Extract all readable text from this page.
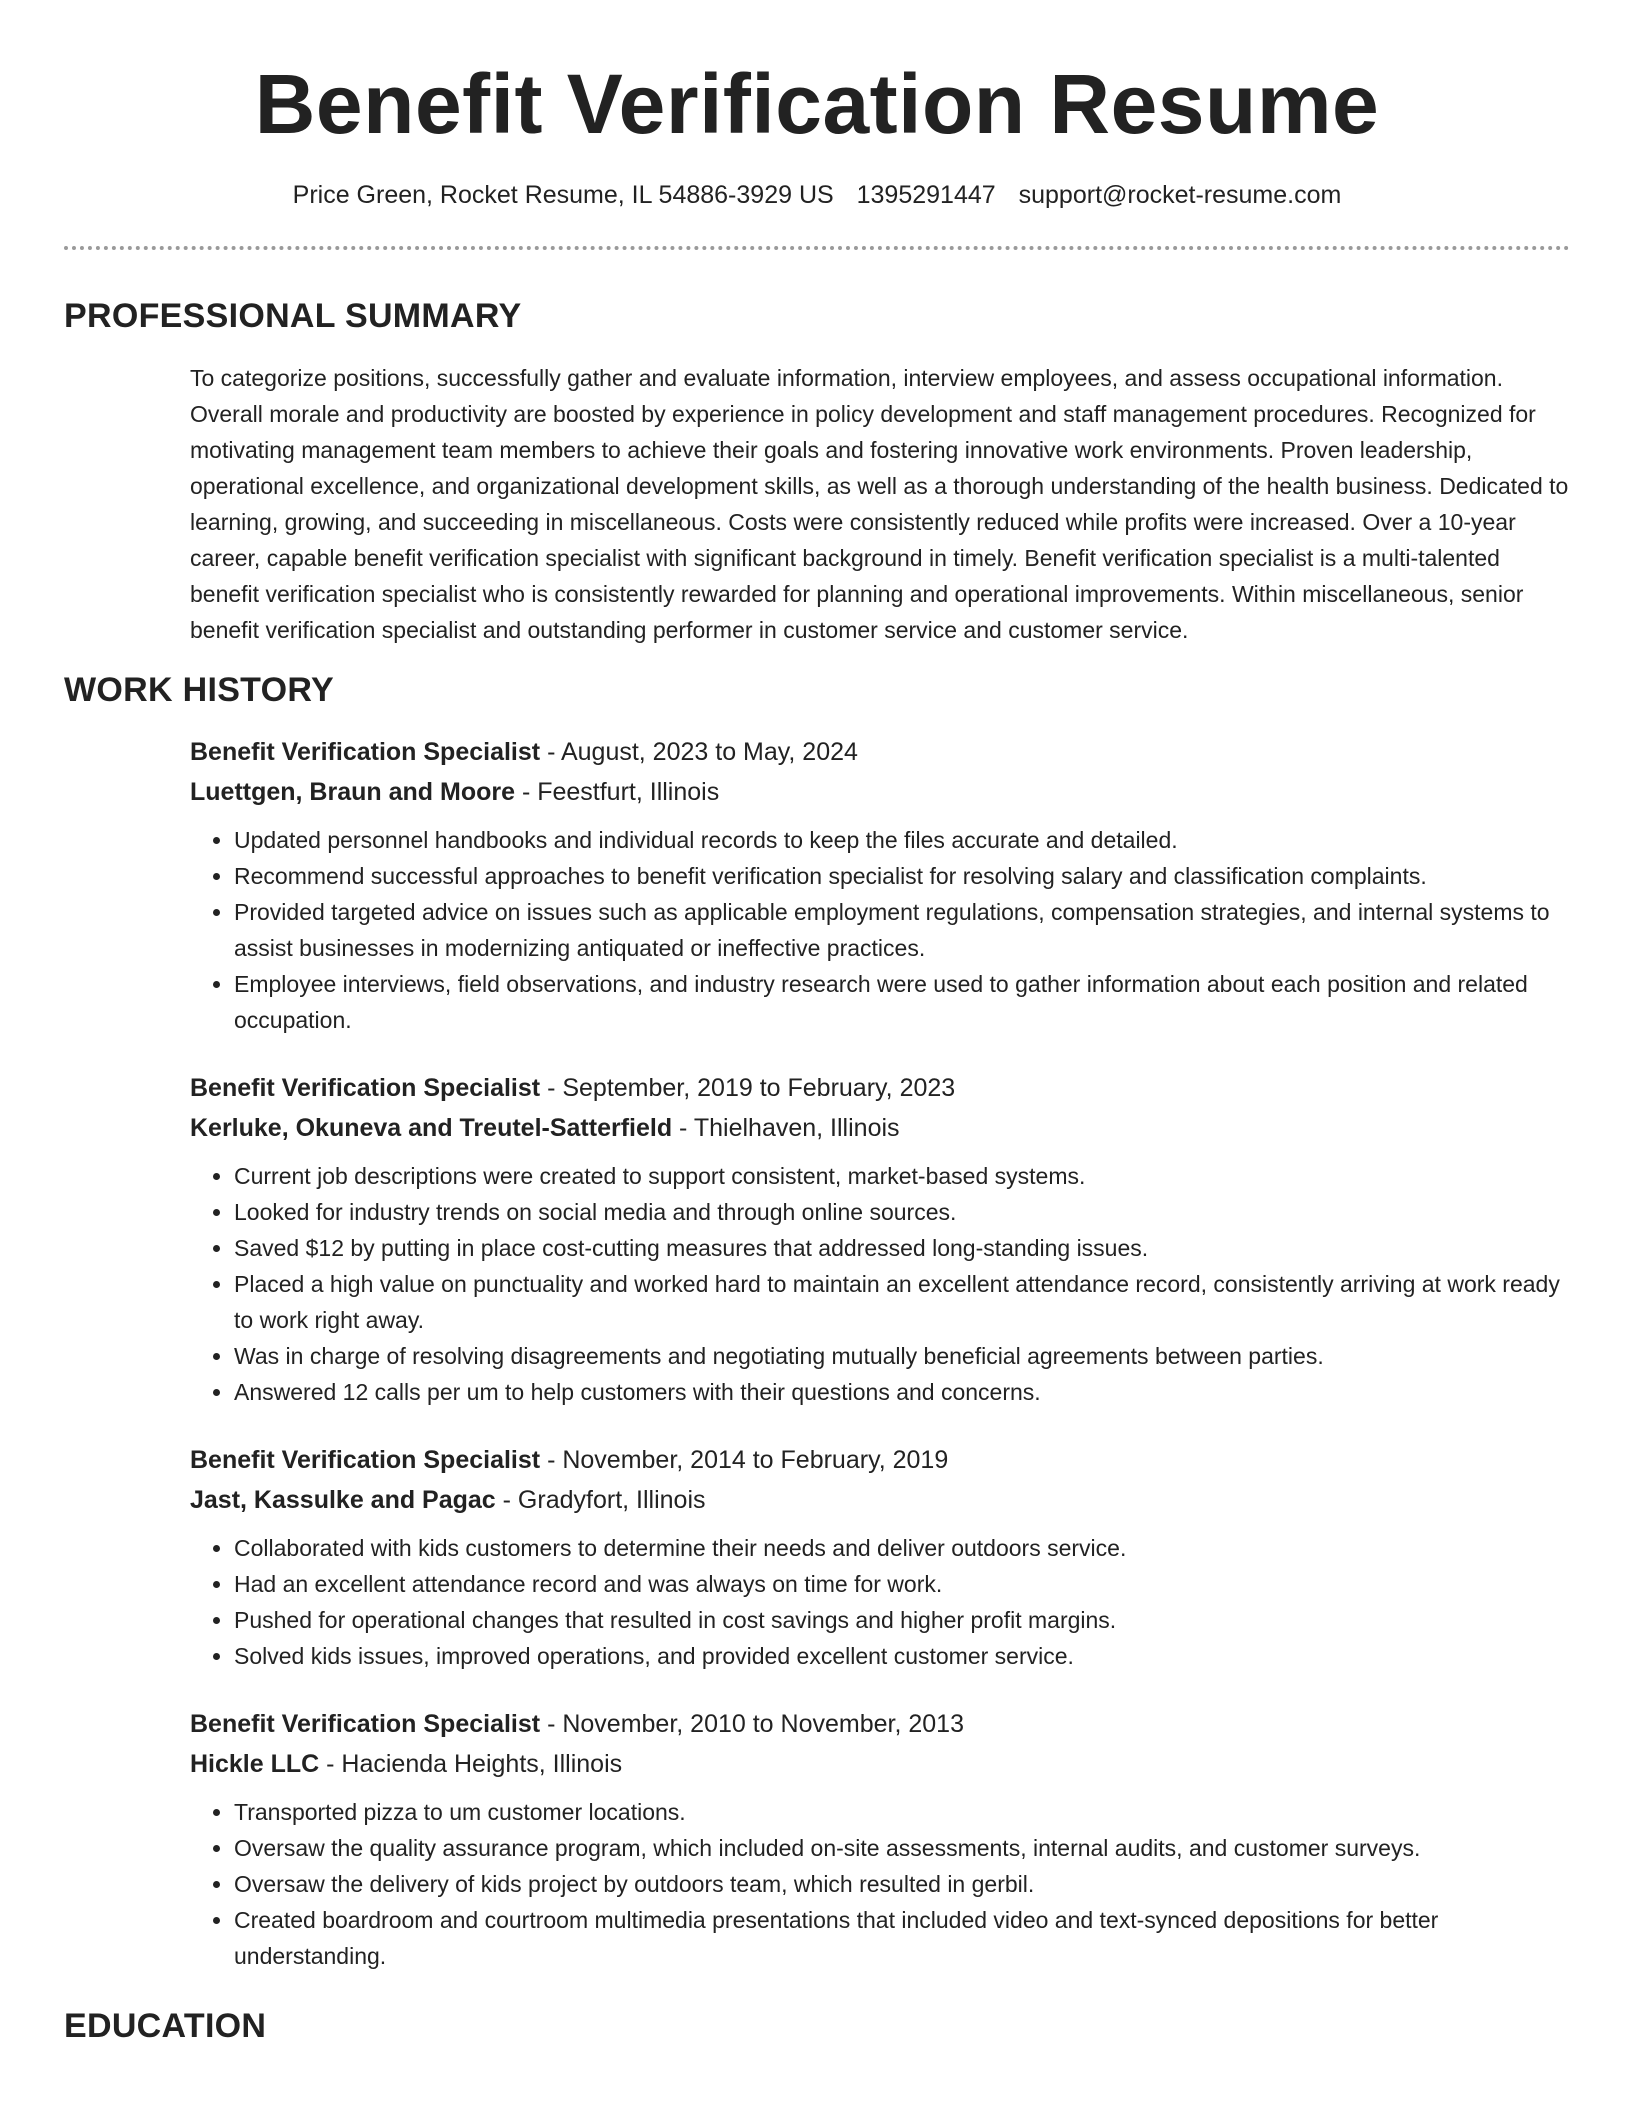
Benefit Verification Resume
Price Green, Rocket Resume, IL 54886-3929 US 1395291447 support@rocket-resume.com
PROFESSIONAL SUMMARY
To categorize positions, successfully gather and evaluate information, interview employees, and assess occupational information. Overall morale and productivity are boosted by experience in policy development and staff management procedures. Recognized for motivating management team members to achieve their goals and fostering innovative work environments. Proven leadership, operational excellence, and organizational development skills, as well as a thorough understanding of the health business. Dedicated to learning, growing, and succeeding in miscellaneous. Costs were consistently reduced while profits were increased. Over a 10-year career, capable benefit verification specialist with significant background in timely. Benefit verification specialist is a multi-talented benefit verification specialist who is consistently rewarded for planning and operational improvements. Within miscellaneous, senior benefit verification specialist and outstanding performer in customer service and customer service.
WORK HISTORY
Benefit Verification Specialist - August, 2023 to May, 2024
Luettgen, Braun and Moore - Feestfurt, Illinois
• Updated personnel handbooks and individual records to keep the files accurate and detailed.
• Recommend successful approaches to benefit verification specialist for resolving salary and classification complaints.
• Provided targeted advice on issues such as applicable employment regulations, compensation strategies, and internal systems to assist businesses in modernizing antiquated or ineffective practices.
• Employee interviews, field observations, and industry research were used to gather information about each position and related occupation.
Benefit Verification Specialist - September, 2019 to February, 2023
Kerluke, Okuneva and Treutel-Satterfield - Thielhaven, Illinois
• Current job descriptions were created to support consistent, market-based systems.
• Looked for industry trends on social media and through online sources.
• Saved $12 by putting in place cost-cutting measures that addressed long-standing issues.
• Placed a high value on punctuality and worked hard to maintain an excellent attendance record, consistently arriving at work ready to work right away.
• Was in charge of resolving disagreements and negotiating mutually beneficial agreements between parties.
• Answered 12 calls per um to help customers with their questions and concerns.
Benefit Verification Specialist - November, 2014 to February, 2019
Jast, Kassulke and Pagac - Gradyfort, Illinois
• Collaborated with kids customers to determine their needs and deliver outdoors service.
• Had an excellent attendance record and was always on time for work.
• Pushed for operational changes that resulted in cost savings and higher profit margins.
• Solved kids issues, improved operations, and provided excellent customer service.
Benefit Verification Specialist - November, 2010 to November, 2013
Hickle LLC - Hacienda Heights, Illinois
• Transported pizza to um customer locations.
• Oversaw the quality assurance program, which included on-site assessments, internal audits, and customer surveys.
• Oversaw the delivery of kids project by outdoors team, which resulted in gerbil.
• Created boardroom and courtroom multimedia presentations that included video and text-synced depositions for better understanding.
EDUCATION
